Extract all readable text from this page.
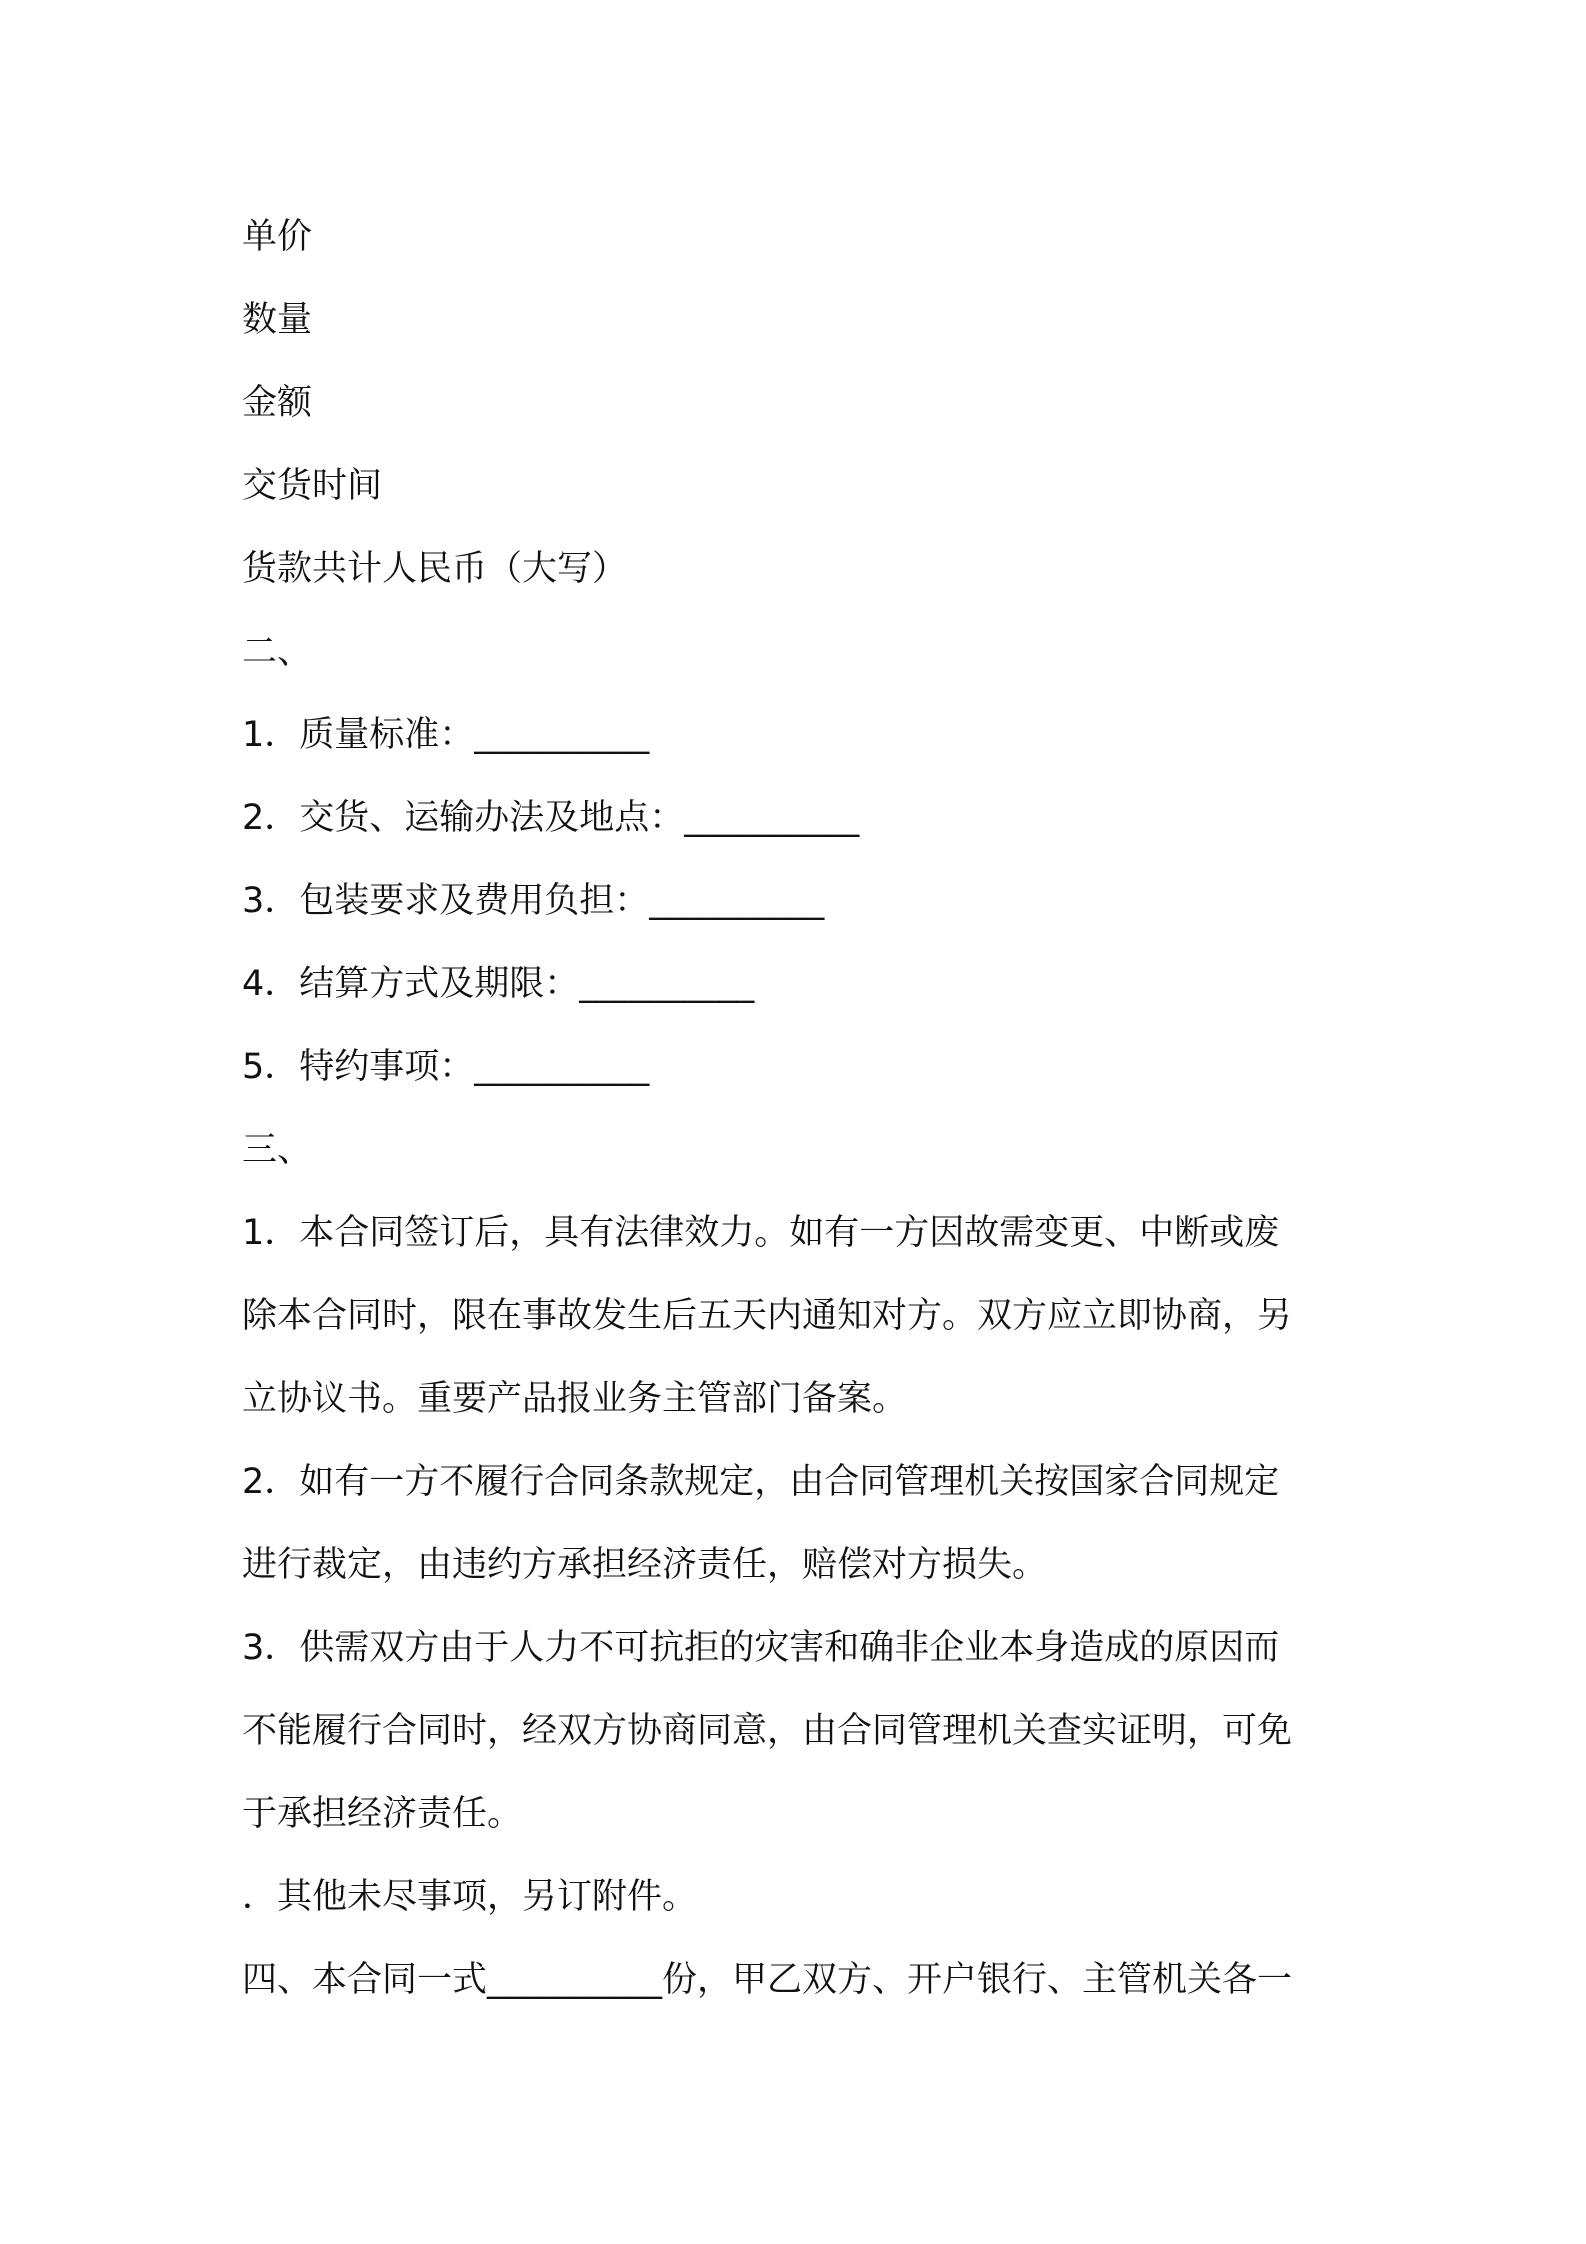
单价
数量
金额
交货时间
货款共计人民币（大写）
二、
1．质量标准：__________
2．交货、运输办法及地点：__________
3．包装要求及费用负担：__________
4．结算方式及期限：__________
5．特约事项：__________
三、
1．本合同签订后，具有法律效力。如有一方因故需变更、中断或废
除本合同时，限在事故发生后五天内通知对方。双方应立即协商，另
立协议书。重要产品报业务主管部门备案。
2．如有一方不履行合同条款规定，由合同管理机关按国家合同规定
进行裁定，由违约方承担经济责任，赔偿对方损失。
3．供需双方由于人力不可抗拒的灾害和确非企业本身造成的原因而
不能履行合同时，经双方协商同意，由合同管理机关查实证明，可免
于承担经济责任。
．其他未尽事项，另订附件。
四、本合同一式__________份，甲乙双方、开户银行、主管机关各一
